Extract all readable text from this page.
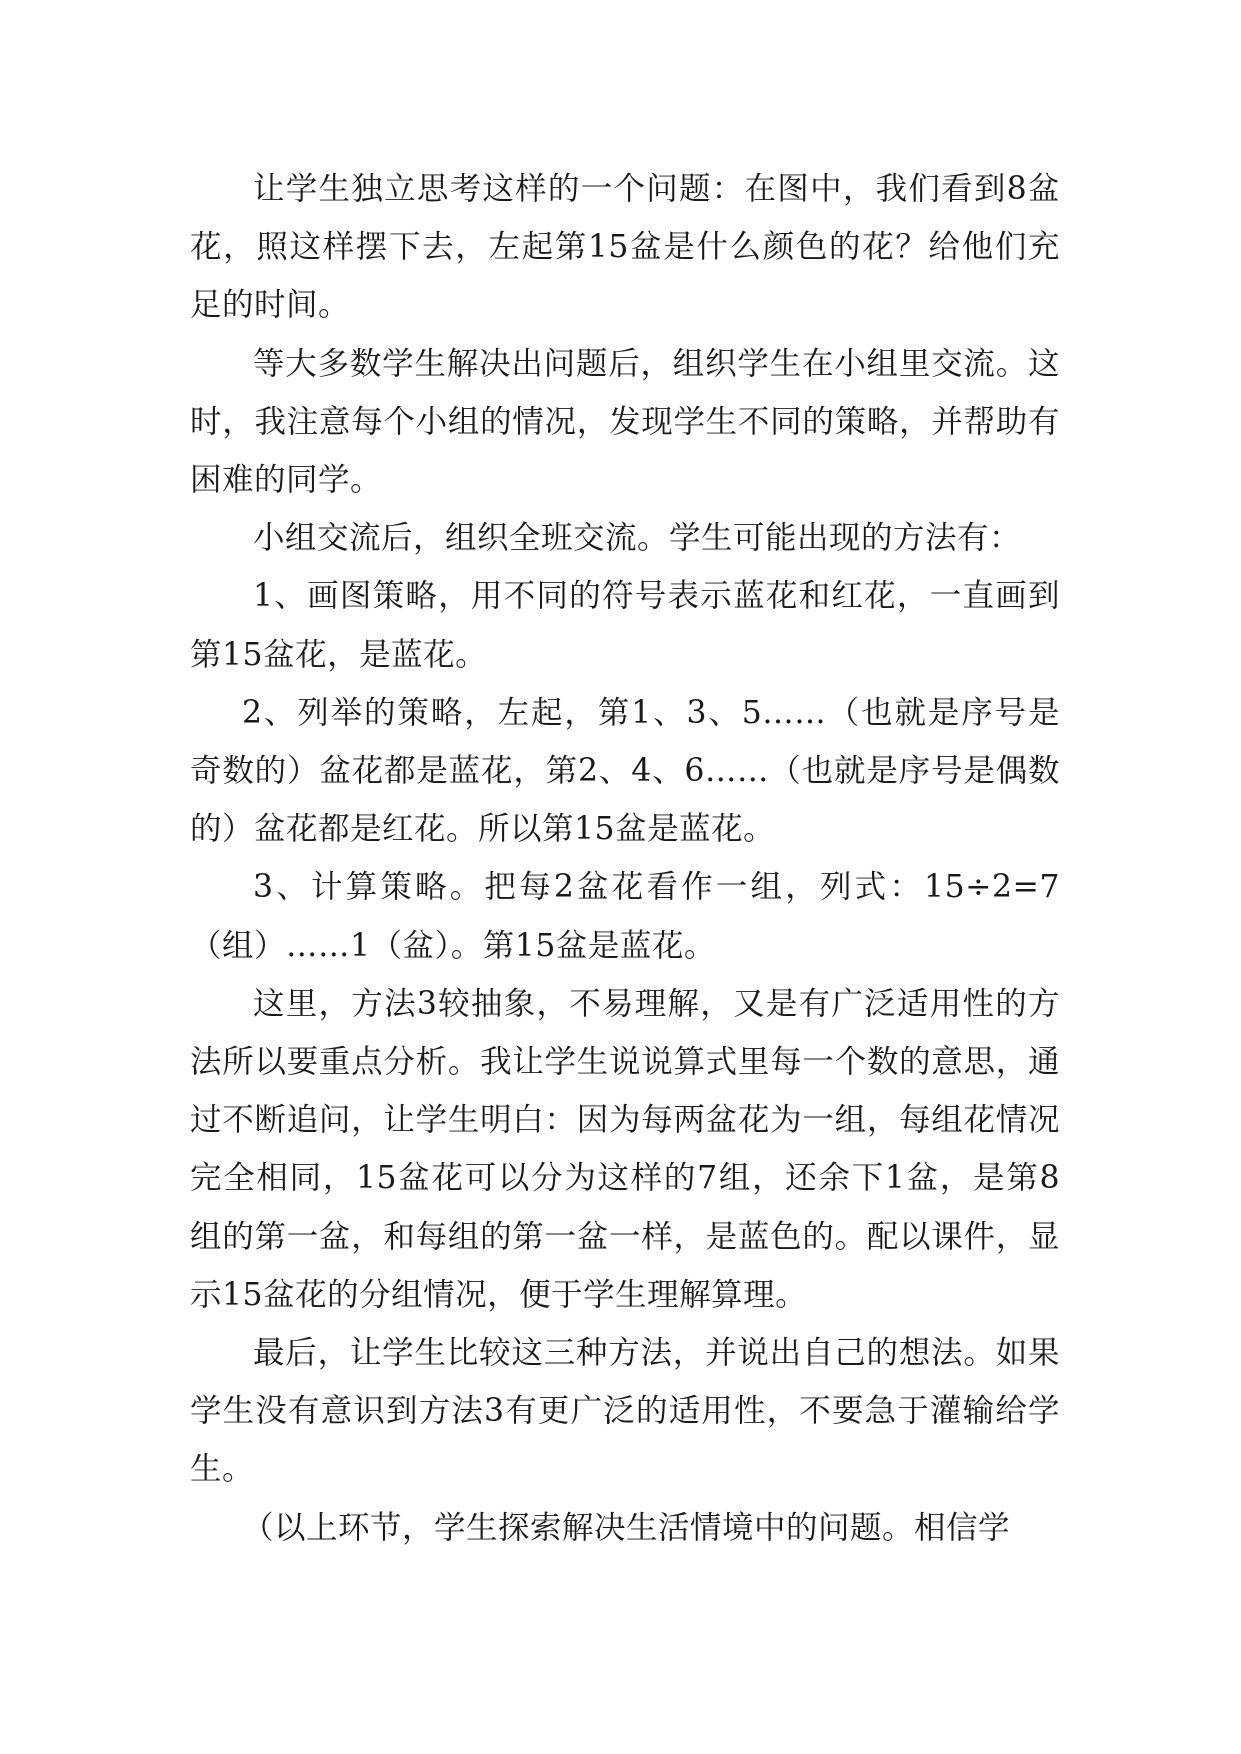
让学生独立思考这样的一个问题：在图中，我们看到8盆花，照这样摆下去，左起第15盆是什么颜色的花？给他们充足的时间。

等大多数学生解决出问题后，组织学生在小组里交流。这时，我注意每个小组的情况，发现学生不同的策略，并帮助有困难的同学。

小组交流后，组织全班交流。学生可能出现的方法有：

1、画图策略，用不同的符号表示蓝花和红花，一直画到第15盆花，是蓝花。

2、列举的策略，左起，第1、3、5……（也就是序号是奇数的）盆花都是蓝花，第2、4、6……（也就是序号是偶数的）盆花都是红花。所以第15盆是蓝花。

3、计算策略。把每2盆花看作一组，列式：15÷2=7（组）……1（盆）。第15盆是蓝花。

这里，方法3较抽象，不易理解，又是有广泛适用性的方法所以要重点分析。我让学生说说算式里每一个数的意思，通过不断追问，让学生明白：因为每两盆花为一组，每组花情况完全相同，15盆花可以分为这样的7组，还余下1盆，是第8组的第一盆，和每组的第一盆一样，是蓝色的。配以课件，显示15盆花的分组情况，便于学生理解算理。

最后，让学生比较这三种方法，并说出自己的想法。如果学生没有意识到方法3有更广泛的适用性，不要急于灌输给学生。

（以上环节，学生探索解决生活情境中的问题。相信学
